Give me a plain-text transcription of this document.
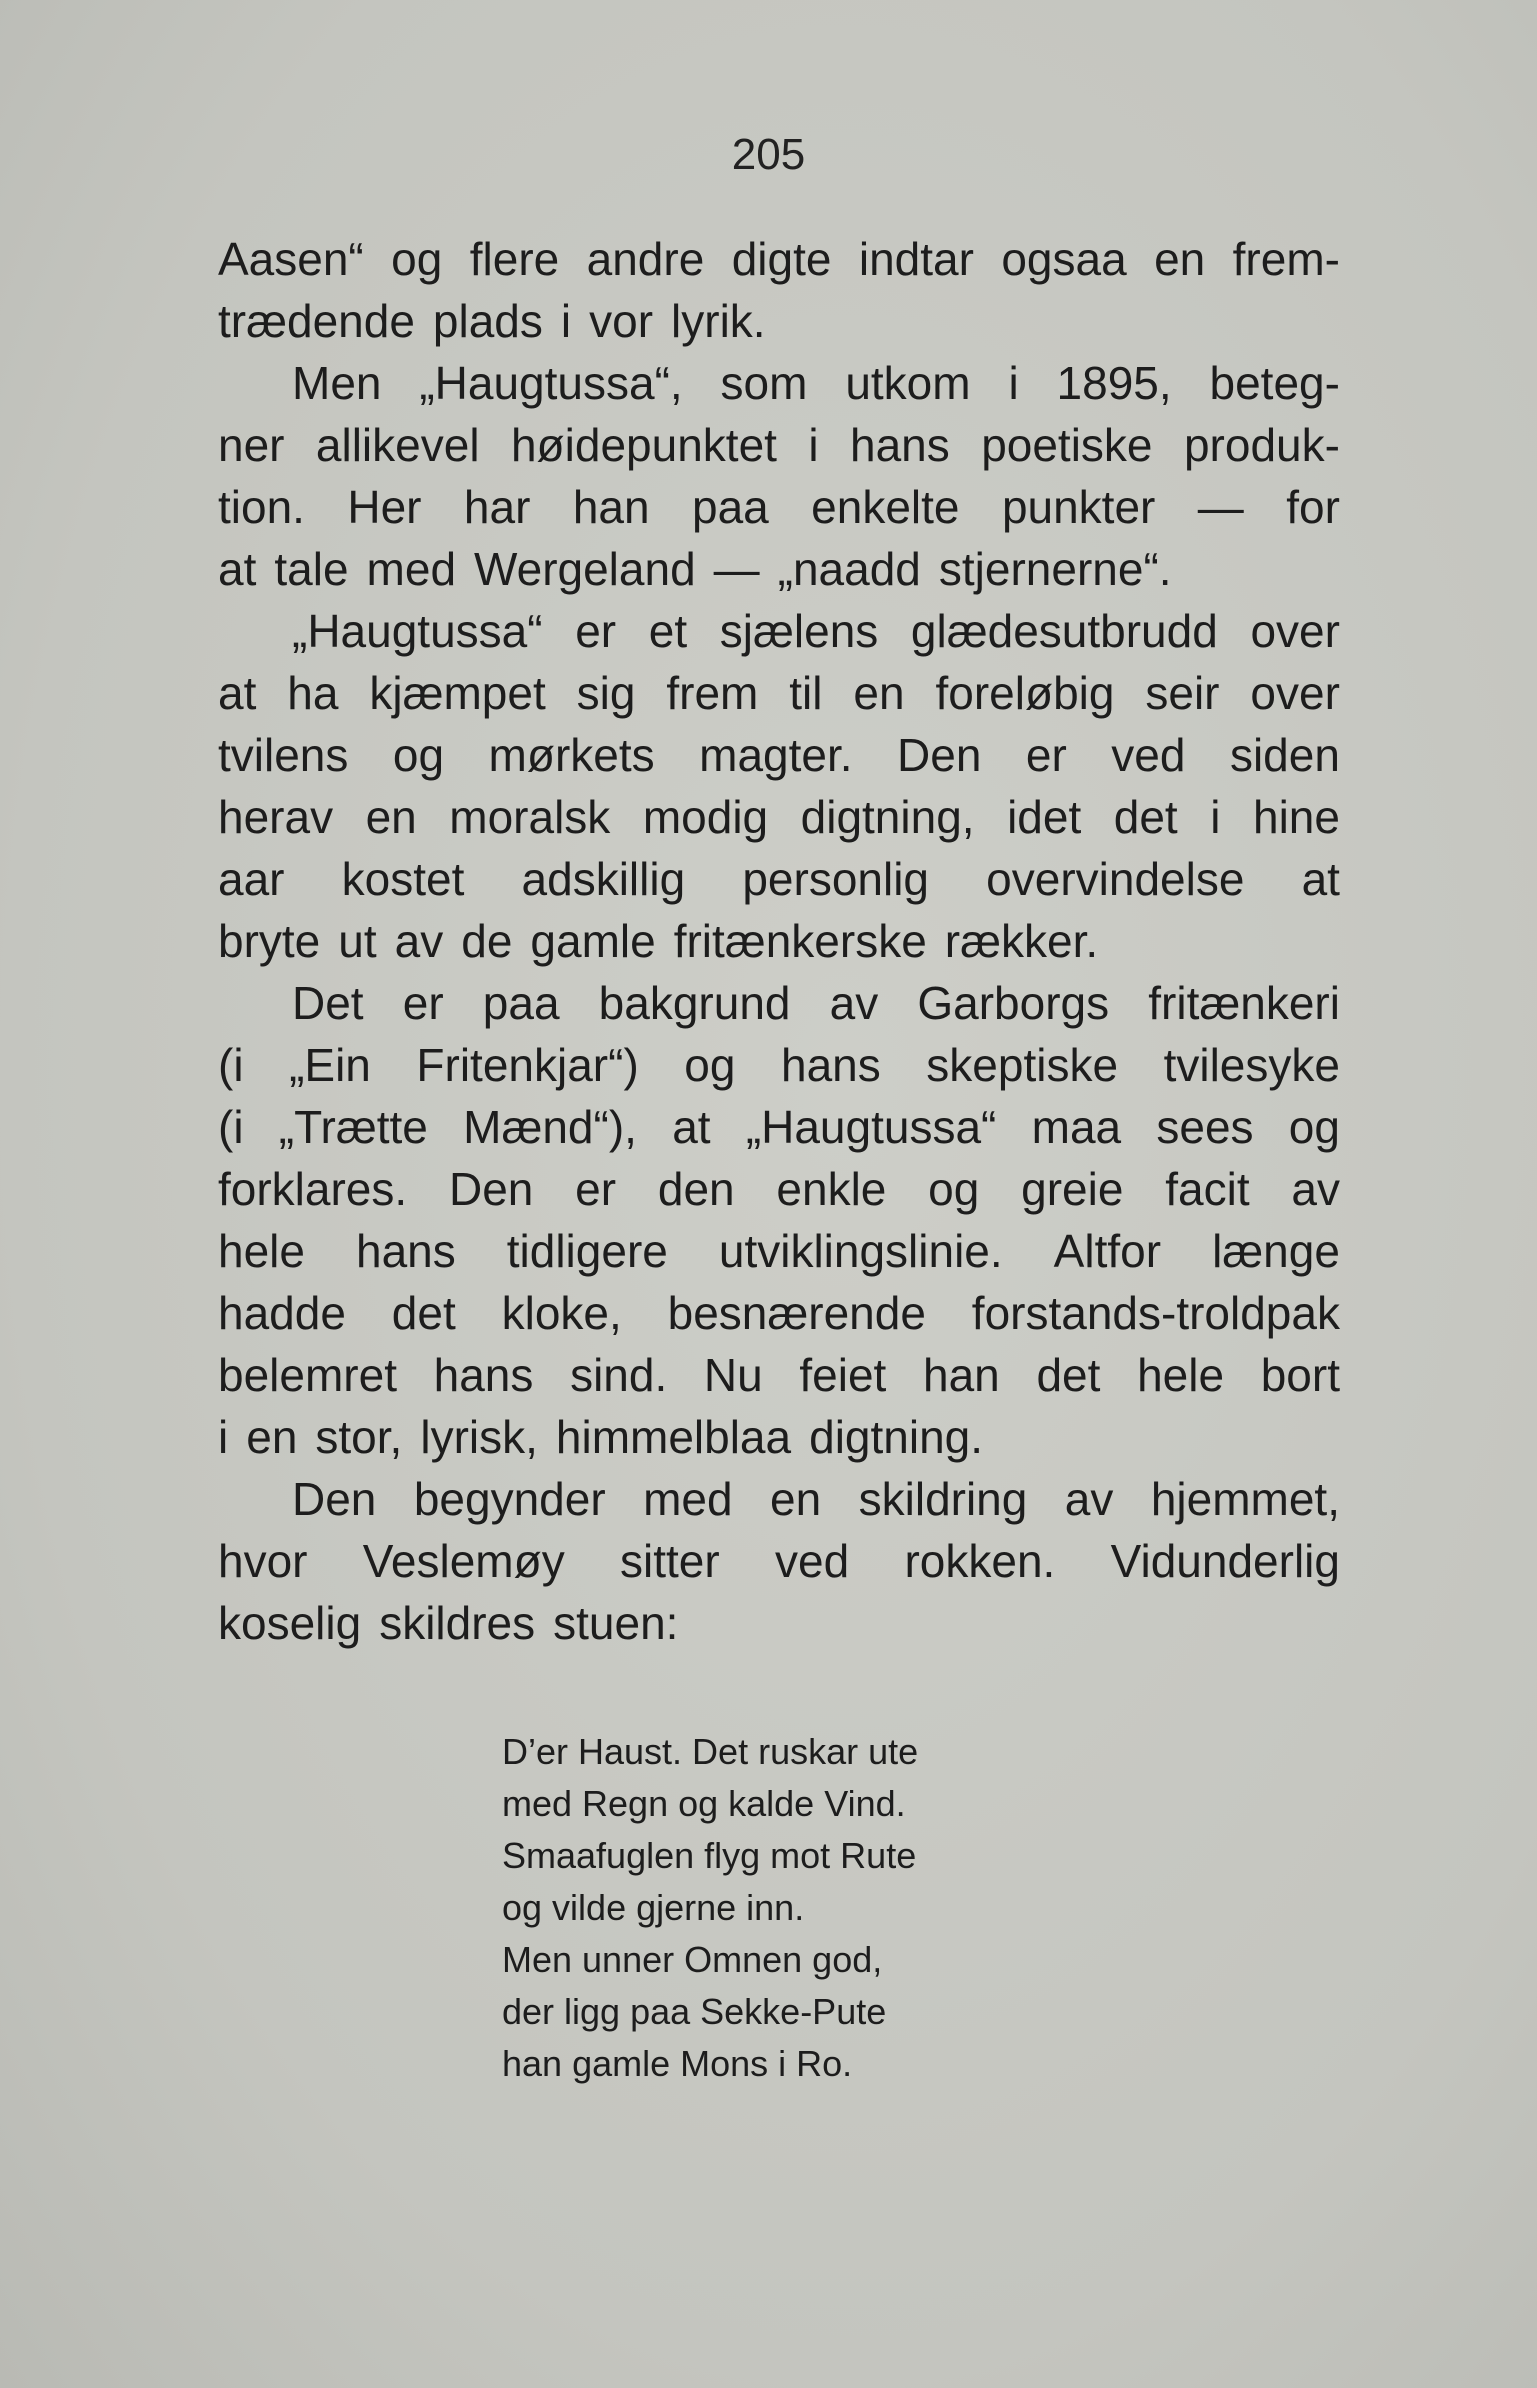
205
Aasen“ og flere andre digte indtar ogsaa en frem-
trædende plads i vor lyrik.
Men „Haugtussa“, som utkom i 1895, beteg-
ner allikevel høidepunktet i hans poetiske produk-
tion. Her har han paa enkelte punkter — for
at tale med Wergeland — „naadd stjernerne“.
„Haugtussa“ er et sjælens glædesutbrudd over
at ha kjæmpet sig frem til en foreløbig seir over
tvilens og mørkets magter. Den er ved siden
herav en moralsk modig digtning, idet det i hine
aar kostet adskillig personlig overvindelse at
bryte ut av de gamle fritænkerske rækker.
Det er paa bakgrund av Garborgs fritænkeri
(i „Ein Fritenkjar“) og hans skeptiske tvilesyke
(i „Trætte Mænd“), at „Haugtussa“ maa sees og
forklares. Den er den enkle og greie facit av
hele hans tidligere utviklingslinie. Altfor længe
hadde det kloke, besnærende forstands-troldpak
belemret hans sind. Nu feiet han det hele bort
i en stor, lyrisk, himmelblaa digtning.
Den begynder med en skildring av hjemmet,
hvor Veslemøy sitter ved rokken. Vidunderlig
koselig skildres stuen:
D’er Haust. Det ruskar ute
med Regn og kalde Vind.
Smaafuglen flyg mot Rute
og vilde gjerne inn.
Men unner Omnen god,
der ligg paa Sekke-Pute
han gamle Mons i Ro.
